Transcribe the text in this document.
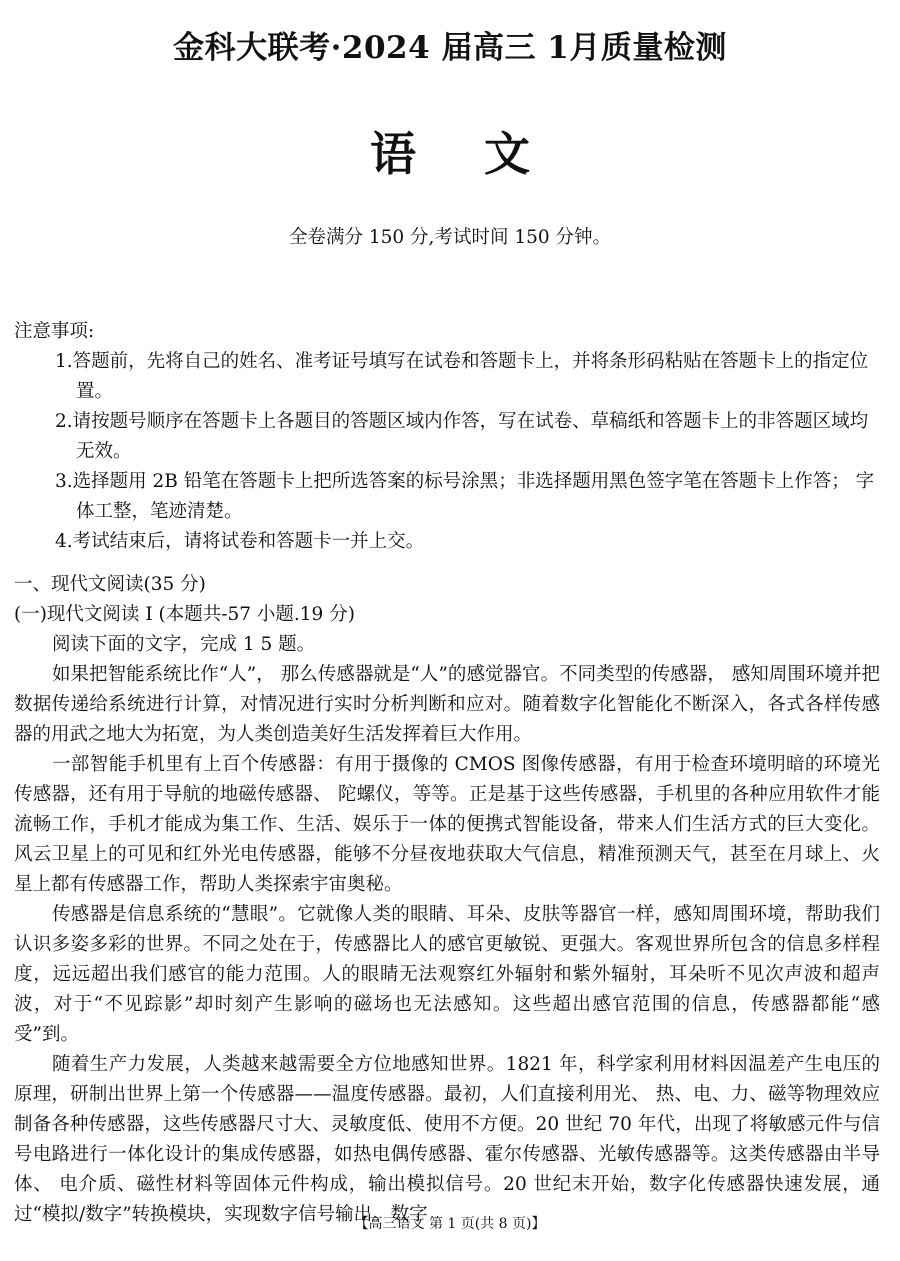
金科大联考·2024 届高三 1月质量检测
语文
全卷满分 150 分,考试时间 150 分钟。
注意事项:
1.答题前，先将自己的姓名、准考证号填写在试卷和答题卡上，并将条形码粘贴在答题卡上的指定位置。
2.请按题号顺序在答题卡上各题目的答题区域内作答，写在试卷、草稿纸和答题卡上的非答题区域均无效。
3.选择题用 2B 铅笔在答题卡上把所选答案的标号涂黑；非选择题用黑色签字笔在答题卡上作答； 字体工整，笔迹清楚。
4.考试结束后，请将试卷和答题卡一并上交。
一、现代文阅读(35 分)
(一)现代文阅读 Ⅰ (本题共-57 小题.19 分)
阅读下面的文字，完成 1 5 题。
如果把智能系统比作“人”， 那么传感器就是“人”的感觉器官。不同类型的传感器， 感知周围环境并把数据传递给系统进行计算，对情况进行实时分析判断和应对。随着数字化智能化不断深入，各式各样传感器的用武之地大为拓宽，为人类创造美好生活发挥着巨大作用。
一部智能手机里有上百个传感器：有用于摄像的 CMOS 图像传感器，有用于检查环境明暗的环境光传感器，还有用于导航的地磁传感器、 陀螺仪，等等。正是基于这些传感器，手机里的各种应用软件才能流畅工作，手机才能成为集工作、生活、娱乐于一体的便携式智能设备，带来人们生活方式的巨大变化。风云卫星上的可见和红外光电传感器，能够不分昼夜地获取大气信息，精准预测天气，甚至在月球上、火星上都有传感器工作，帮助人类探索宇宙奥秘。
传感器是信息系统的“慧眼”。它就像人类的眼睛、耳朵、皮肤等器官一样，感知周围环境，帮助我们认识多姿多彩的世界。不同之处在于，传感器比人的感官更敏锐、更强大。客观世界所包含的信息多样程度，远远超出我们感官的能力范围。人的眼睛无法观察红外辐射和紫外辐射，耳朵听不见次声波和超声波，对于“不见踪影”却时刻产生影响的磁场也无法感知。这些超出感官范围的信息，传感器都能“感受”到。
随着生产力发展，人类越来越需要全方位地感知世界。1821 年，科学家利用材料因温差产生电压的原理，研制出世界上第一个传感器——温度传感器。最初，人们直接利用光、 热、电、力、磁等物理效应制备各种传感器，这些传感器尺寸大、灵敏度低、使用不方便。20 世纪 70 年代，出现了将敏感元件与信号电路进行一体化设计的集成传感器，如热电偶传感器、霍尔传感器、光敏传感器等。这类传感器由半导体、 电介质、磁性材料等固体元件构成，输出模拟信号。20 世纪末开始，数字化传感器快速发展，通过“模拟/数字”转换模块，实现数字信号输出。数字
【高三语文 第 1 页(共 8 页)】
